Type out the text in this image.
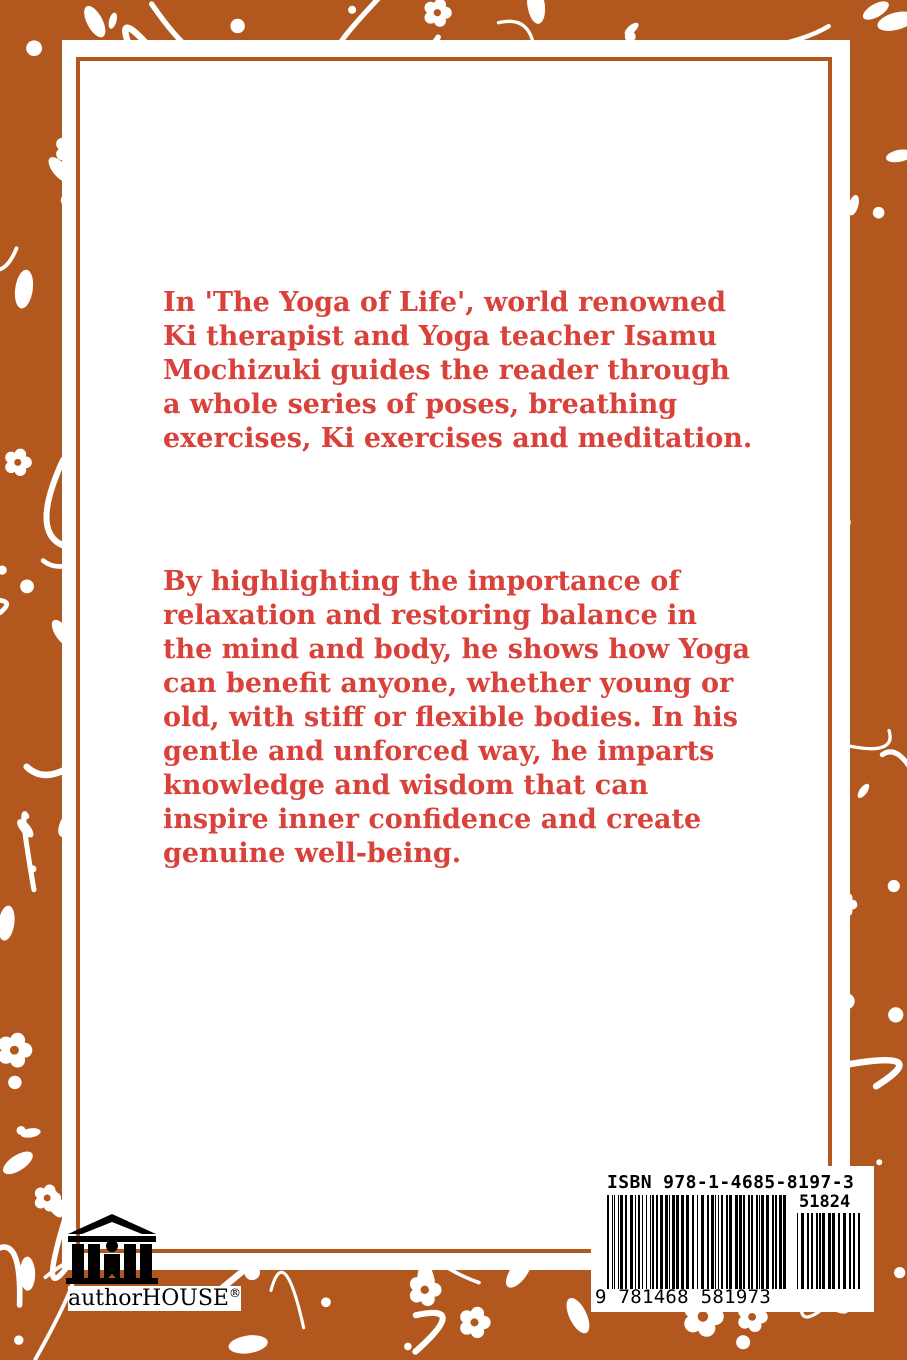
In 'The Yoga of Life', world renowned Ki therapist and Yoga teacher Isamu Mochizuki guides the reader through a whole series of poses, breathing exercises, Ki exercises and meditation.

By highlighting the importance of relaxation and restoring balance in the mind and body, he shows how Yoga can benefit anyone, whether young or old, with stiff or flexible bodies. In his gentle and unforced way, he imparts knowledge and wisdom that can inspire inner confidence and create genuine well-being.

ISBN 978-1-4685-8197-3
51824
9 781468 581973
authorHOUSE®
